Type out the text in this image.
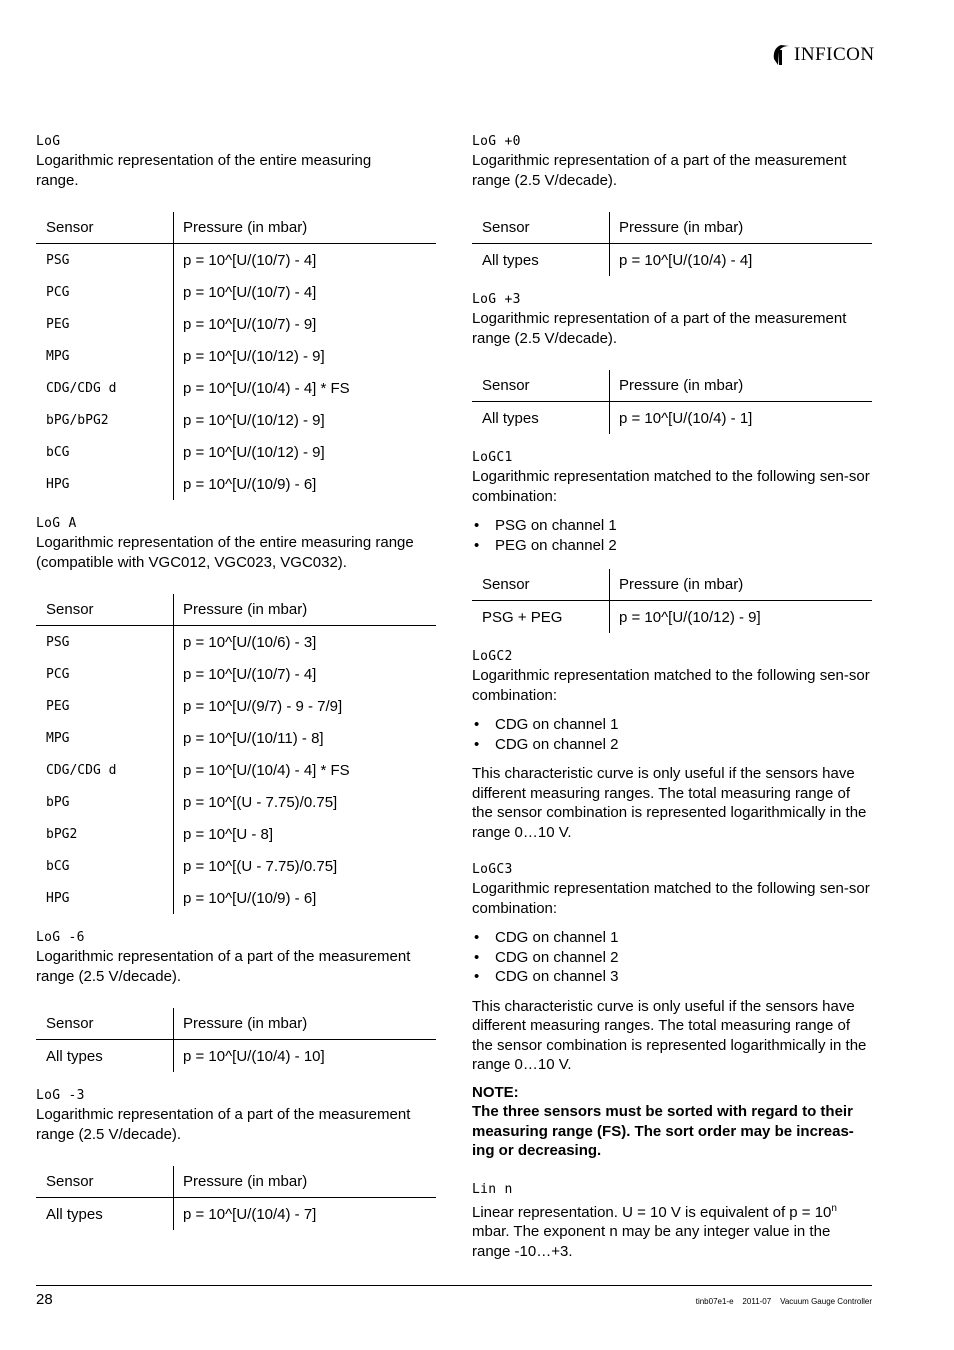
INFICON
LoG
Logarithmic representation of the entire measuring range.
Sensor	Pressure (in mbar)
PSG	p = 10^[U/(10/7) - 4]
PCG	p = 10^[U/(10/7) - 4]
PEG	p = 10^[U/(10/7) - 9]
MPG	p = 10^[U/(10/12) - 9]
CDG/CDG d	p = 10^[U/(10/4) - 4] * FS
bPG/bPG2	p = 10^[U/(10/12) - 9]
bCG	p = 10^[U/(10/12) - 9]
HPG	p = 10^[U/(10/9) - 6]
LoG A
Logarithmic representation of the entire measuring range (compatible with VGC012, VGC023, VGC032).
Sensor	Pressure (in mbar)
PSG	p = 10^[U/(10/6) - 3]
PCG	p = 10^[U/(10/7) - 4]
PEG	p = 10^[U/(9/7) - 9 - 7/9]
MPG	p = 10^[U/(10/11) - 8]
CDG/CDG d	p = 10^[U/(10/4) - 4] * FS
bPG	p = 10^[(U - 7.75)/0.75]
bPG2	p = 10^[U - 8]
bCG	p = 10^[(U - 7.75)/0.75]
HPG	p = 10^[U/(10/9) - 6]
LoG -6
Logarithmic representation of a part of the measurement range (2.5 V/decade).
Sensor	Pressure (in mbar)
All types	p = 10^[U/(10/4) - 10]
LoG -3
Logarithmic representation of a part of the measurement range (2.5 V/decade).
Sensor	Pressure (in mbar)
All types	p = 10^[U/(10/4) - 7]
LoG +0
Logarithmic representation of a part of the measurement range (2.5 V/decade).
Sensor	Pressure (in mbar)
All types	p = 10^[U/(10/4) - 4]
LoG +3
Logarithmic representation of a part of the measurement range (2.5 V/decade).
Sensor	Pressure (in mbar)
All types	p = 10^[U/(10/4) - 1]
LoGC1
Logarithmic representation matched to the following sen-sor combination:
• PSG on channel 1
• PEG on channel 2
Sensor	Pressure (in mbar)
PSG + PEG	p = 10^[U/(10/12) - 9]
LoGC2
Logarithmic representation matched to the following sen-sor combination:
• CDG on channel 1
• CDG on channel 2
This characteristic curve is only useful if the sensors have different measuring ranges. The total measuring range of the sensor combination is represented logarithmically in the range 0…10 V.
LoGC3
Logarithmic representation matched to the following sen-sor combination:
• CDG on channel 1
• CDG on channel 2
• CDG on channel 3
This characteristic curve is only useful if the sensors have different measuring ranges. The total measuring range of the sensor combination is represented logarithmically in the range 0…10 V.
NOTE:
The three sensors must be sorted with regard to their measuring range (FS). The sort order may be increas-ing or decreasing.
Lin n
Linear representation. U = 10 V is equivalent of $p = 10^n$ mbar. The exponent n may be any integer value in the range -10…+3.
28	tinb07e1-e    2011-07    Vacuum Gauge Controller
